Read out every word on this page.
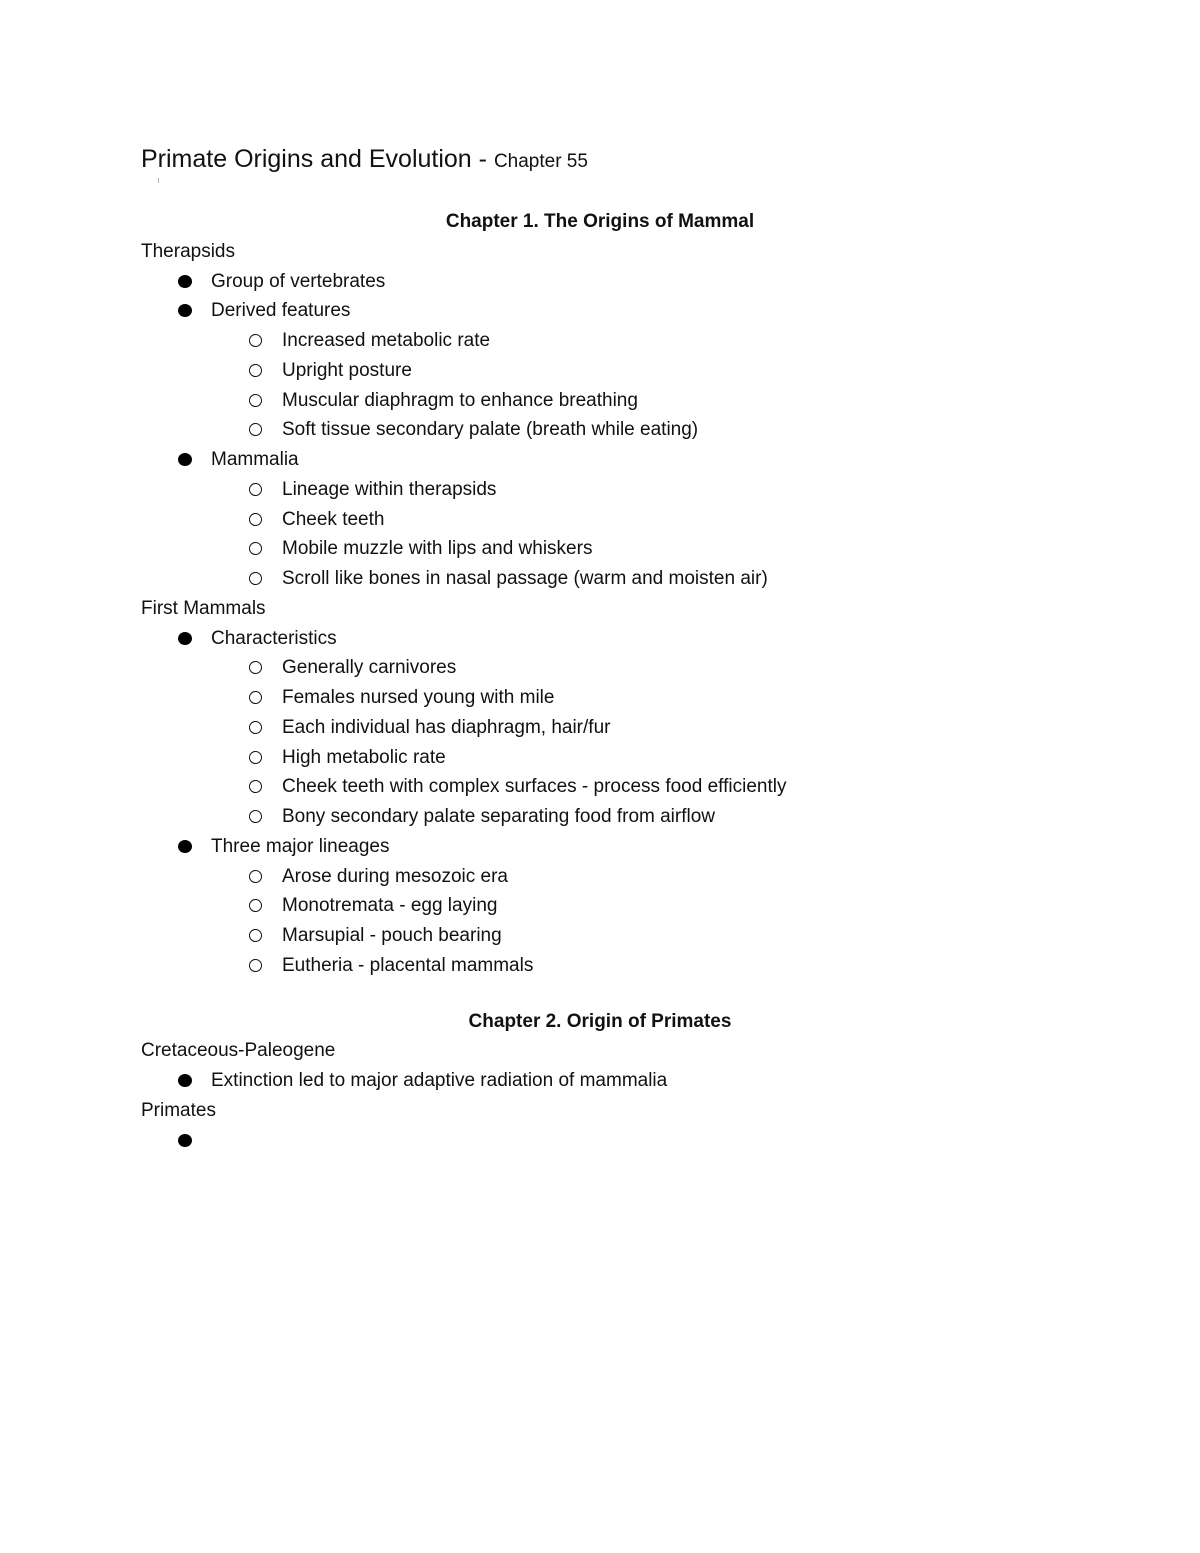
Primate Origins and Evolution - Chapter 55
Chapter 1. The Origins of Mammal
Therapsids
Group of vertebrates
Derived features
Increased metabolic rate
Upright posture
Muscular diaphragm to enhance breathing
Soft tissue secondary palate (breath while eating)
Mammalia
Lineage within therapsids
Cheek teeth
Mobile muzzle with lips and whiskers
Scroll like bones in nasal passage (warm and moisten air)
First Mammals
Characteristics
Generally carnivores
Females nursed young with mile
Each individual has diaphragm, hair/fur
High metabolic rate
Cheek teeth with complex surfaces - process food efficiently
Bony secondary palate separating food from airflow
Three major lineages
Arose during mesozoic era
Monotremata - egg laying
Marsupial - pouch bearing
Eutheria - placental mammals
Chapter 2. Origin of Primates
Cretaceous-Paleogene
Extinction led to major adaptive radiation of mammalia
Primates
